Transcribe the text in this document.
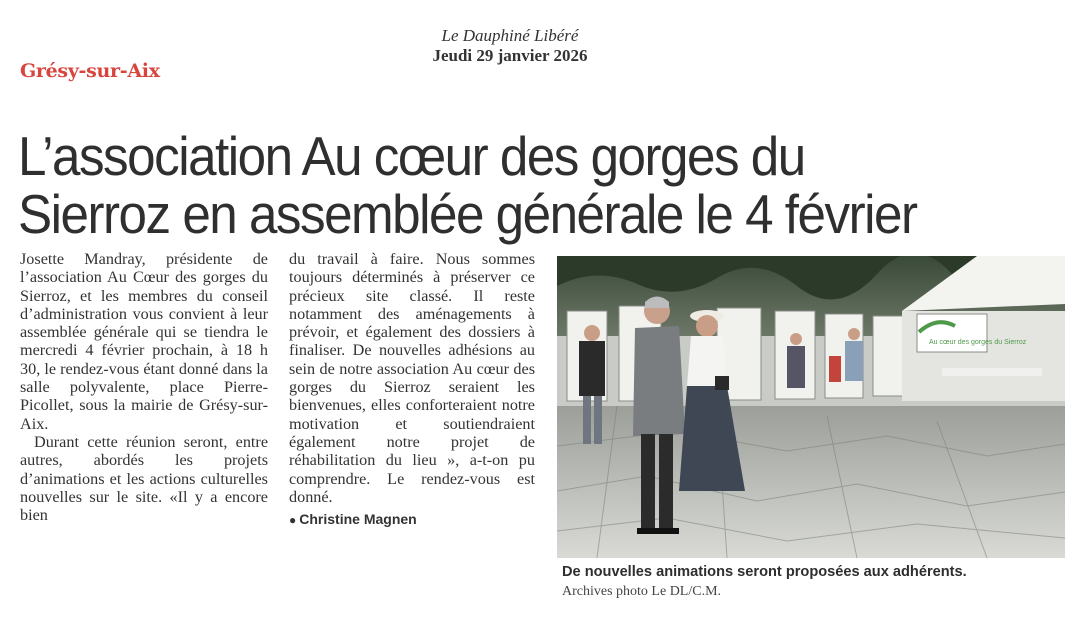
Le Dauphiné Libéré
Jeudi 29 janvier 2026
Grésy-sur-Aix
L’association Au cœur des gorges du
Sierroz en assemblée générale le 4 février

Josette Mandray, présidente de l’association Au Cœur des gorges du Sierroz, et les membres du conseil d’administration vous convient à leur assemblée générale qui se tiendra le mercredi 4 février prochain, à 18 h 30, le rendez-vous étant donné dans la salle polyvalente, place Pierre-Picollet, sous la mairie de Grésy-sur-Aix.

Durant cette réunion seront, entre autres, abordés les projets d’animations et les actions culturelles nouvelles sur le site. «Il y a encore bien

du travail à faire. Nous sommes toujours déterminés à préserver ce précieux site classé. Il reste notamment des aménagements à prévoir, et également des dossiers à finaliser. De nouvelles adhésions au sein de notre association Au cœur des gorges du Sierroz seraient les bienvenues, elles conforteraient notre motivation et soutiendraient également notre projet de réhabilitation du lieu », a-t-on pu comprendre. Le rendez-vous est donné.

● Christine Magnen

Au cœur des gorges du Sierroz
De nouvelles animations seront proposées aux adhérents.
Archives photo Le DL/C.M.
